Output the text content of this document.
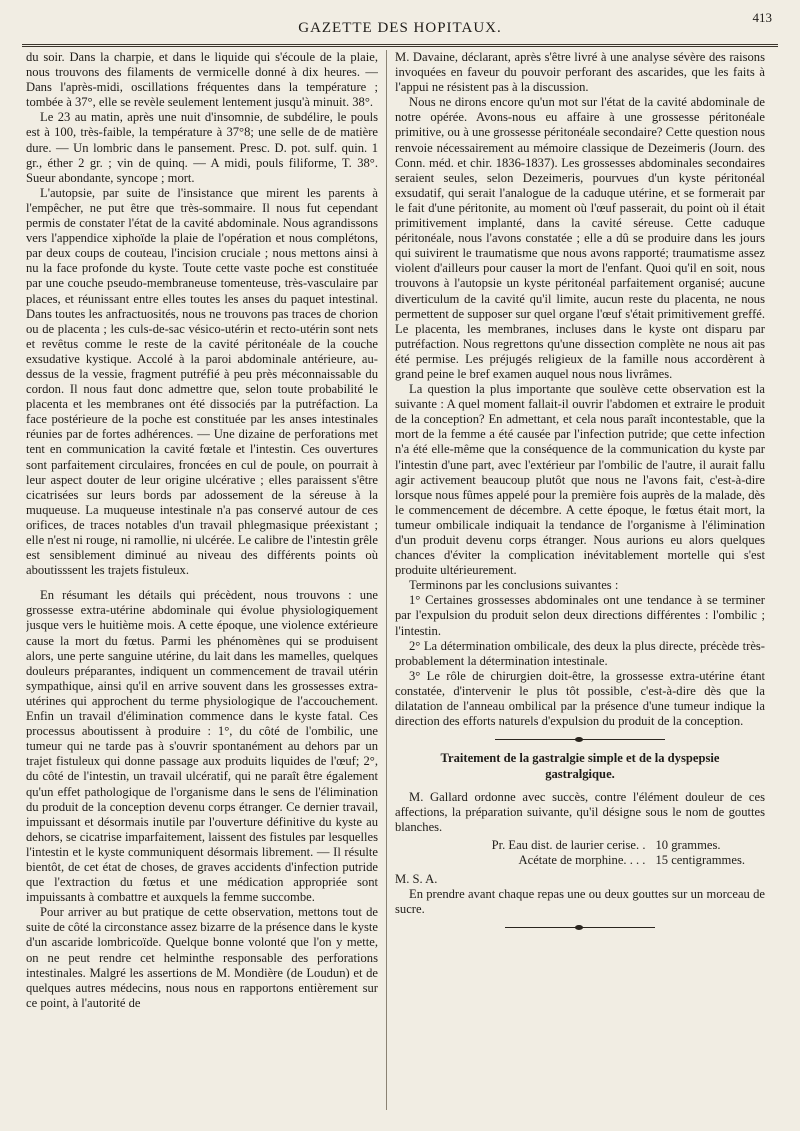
GAZETTE DES HOPITAUX.
413

du soir. Dans la charpie, et dans le liquide qui s'écoule de la plaie, nous trouvons des filaments de vermicelle donné à dix heures. — Dans l'après-midi, oscillations fréquentes dans la température ; tombée à 37°, elle se revèle seulement lentement jusqu'à minuit. 38°.

Le 23 au matin, après une nuit d'insomnie, de subdélire, le pouls est à 100, très-faible, la température à 37°8; une selle de de matière dure. — Un lombric dans le pansement. Presc. D. pot. sulf. quin. 1 gr., éther 2 gr. ; vin de quinq. — A midi, pouls filiforme, T. 38°. Sueur abondante, syncope ; mort.

L'autopsie, par suite de l'insistance que mirent les parents à l'empêcher, ne put être que très-sommaire. Il nous fut cependant permis de constater l'état de la cavité abdominale. Nous agrandissons vers l'appendice xiphoïde la plaie de l'opération et nous complétons, par deux coups de couteau, l'incision cruciale ; nous mettons ainsi à nu la face profonde du kyste. Toute cette vaste poche est constituée par une couche pseudo-membraneuse tomenteuse, très-vasculaire par places, et réunissant entre elles toutes les anses du paquet intestinal. Dans toutes les anfractuosités, nous ne trouvons pas traces de chorion ou de placenta ; les culs-de-sac vésico-utérin et recto-utérin sont nets et revêtus comme le reste de la cavité péritonéale de la couche exsudative kystique. Accolé à la paroi abdominale antérieure, au-dessus de la vessie, fragment putréfié à peu près méconnaissable du cordon. Il nous faut donc admettre que, selon toute probabilité le placenta et les membranes ont été dissociés par la putréfaction. La face postérieure de la poche est constituée par les anses intestinales réunies par de fortes adhérences. — Une dizaine de perforations met tent en communication la cavité fœtale et l'intestin. Ces ouvertures sont parfaitement circulaires, froncées en cul de poule, on pourrait à leur aspect douter de leur origine ulcérative ; elles paraissent s'être cicatrisées sur leurs bords par adossement de la séreuse à la muqueuse. La muqueuse intestinale n'a pas conservé autour de ces orifices, de traces notables d'un travail phlegmasique préexistant ; elle n'est ni rouge, ni ramollie, ni ulcérée. Le calibre de l'intestin grêle est sensiblement diminué au niveau des différents points où aboutisssent les trajets fistuleux.

En résumant les détails qui précèdent, nous trouvons : une grossesse extra-utérine abdominale qui évolue physiologiquement jusque vers le huitième mois. A cette époque, une violence extérieure cause la mort du fœtus. Parmi les phénomènes qui se produisent alors, une perte sanguine utérine, du lait dans les mamelles, quelques douleurs préparantes, indiquent un commencement de travail utérin sympathique, ainsi qu'il en arrive souvent dans les grossesses extra-utérines qui approchent du terme physiologique de l'accouchement. Enfin un travail d'élimination commence dans le kyste fatal. Ces processus aboutissent à produire : 1°, du côté de l'ombilic, une tumeur qui ne tarde pas à s'ouvrir spontanément au dehors par un trajet fistuleux qui donne passage aux produits liquides de l'œuf; 2°, du côté de l'intestin, un travail ulcératif, qui ne paraît être également qu'un effet pathologique de l'organisme dans le sens de l'élimination du produit de la conception devenu corps étranger. Ce dernier travail, impuissant et désormais inutile par l'ouverture définitive du kyste au dehors, se cicatrise imparfaitement, laissent des fistules par lesquelles l'intestin et le kyste communiquent désormais librement. — Il résulte bientôt, de cet état de choses, de graves accidents d'infection putride que l'extraction du fœtus et une médication appropriée sont impuissants à combattre et auxquels la femme succombe.

Pour arriver au but pratique de cette observation, mettons tout de suite de côté la circonstance assez bizarre de la présence dans le kyste d'un ascaride lombricoïde. Quelque bonne volonté que l'on y mette, on ne peut rendre cet helminthe responsable des perforations intestinales. Malgré les assertions de M. Mondière (de Loudun) et de quelques autres médecins, nous nous en rapportons entièrement sur ce point, à l'autorité de

M. Davaine, déclarant, après s'être livré à une analyse sévère des raisons invoquées en faveur du pouvoir perforant des ascarides, que les faits à l'appui ne résistent pas à la discussion.

Nous ne dirons encore qu'un mot sur l'état de la cavité abdominale de notre opérée. Avons-nous eu affaire à une grossesse péritonéale primitive, ou à une grossesse péritonéale secondaire? Cette question nous renvoie nécessairement au mémoire classique de Dezeimeris (Journ. des Conn. méd. et chir. 1836-1837). Les grossesses abdominales secondaires seraient seules, selon Dezeimeris, pourvues d'un kyste péritonéal exsudatif, qui serait l'analogue de la caduque utérine, et se formerait par le fait d'une péritonite, au moment où l'œuf passerait, du point où il était primitivement implanté, dans la cavité séreuse. Cette caduque péritonéale, nous l'avons constatée ; elle a dû se produire dans les jours qui suivirent le traumatisme que nous avons rapporté; traumatisme assez violent d'ailleurs pour causer la mort de l'enfant. Quoi qu'il en soit, nous trouvons à l'autopsie un kyste péritonéal parfaitement organisé; aucune diverticulum de la cavité qu'il limite, aucun reste du placenta, ne nous permettent de supposer sur quel organe l'œuf s'était primitivement greffé. Le placenta, les membranes, incluses dans le kyste ont disparu par putréfaction. Nous regrettons qu'une dissection complète ne nous ait pas été permise. Les préjugés religieux de la famille nous accordèrent à grand peine le bref examen auquel nous nous livrâmes.

La question la plus importante que soulève cette observation est la suivante : A quel moment fallait-il ouvrir l'abdomen et extraire le produit de la conception? En admettant, et cela nous paraît incontestable, que la mort de la femme a été causée par l'infection putride; que cette infection n'a été elle-même que la conséquence de la communication du kyste par l'intestin d'une part, avec l'extérieur par l'ombilic de l'autre, il aurait fallu agir activement beaucoup plutôt que nous ne l'avons fait, c'est-à-dire lorsque nous fûmes appelé pour la première fois auprès de la malade, dès le commencement de décembre. A cette époque, le fœtus était mort, la tumeur ombilicale indiquait la tendance de l'organisme à l'élimination d'un produit devenu corps étranger. Nous aurions eu alors quelques chances d'éviter la complication inévitablement mortelle qui s'est produite ultérieurement.

Terminons par les conclusions suivantes :

1° Certaines grossesses abdominales ont une tendance à se terminer par l'expulsion du produit selon deux directions différentes : l'ombilic ; l'intestin.

2° La détermination ombilicale, des deux la plus directe, précède très-probablement la détermination intestinale.

3° Le rôle de chirurgien doit-être, la grossesse extra-utérine étant constatée, d'intervenir le plus tôt possible, c'est-à-dire dès que la dilatation de l'anneau ombilical par la présence d'une tumeur indique la direction des efforts naturels d'expulsion du produit de la conception.

Traitement de la gastralgie simple et de la dyspepsie gastralgique.

M. Gallard ordonne avec succès, contre l'élément douleur de ces affections, la préparation suivante, qu'il désigne sous le nom de gouttes blanches.

Pr. Eau dist. de laurier cerise. . 10 grammes.
Acétate de morphine. . . . 15 centigrammes.

M. S. A.

En prendre avant chaque repas une ou deux gouttes sur un morceau de sucre.
